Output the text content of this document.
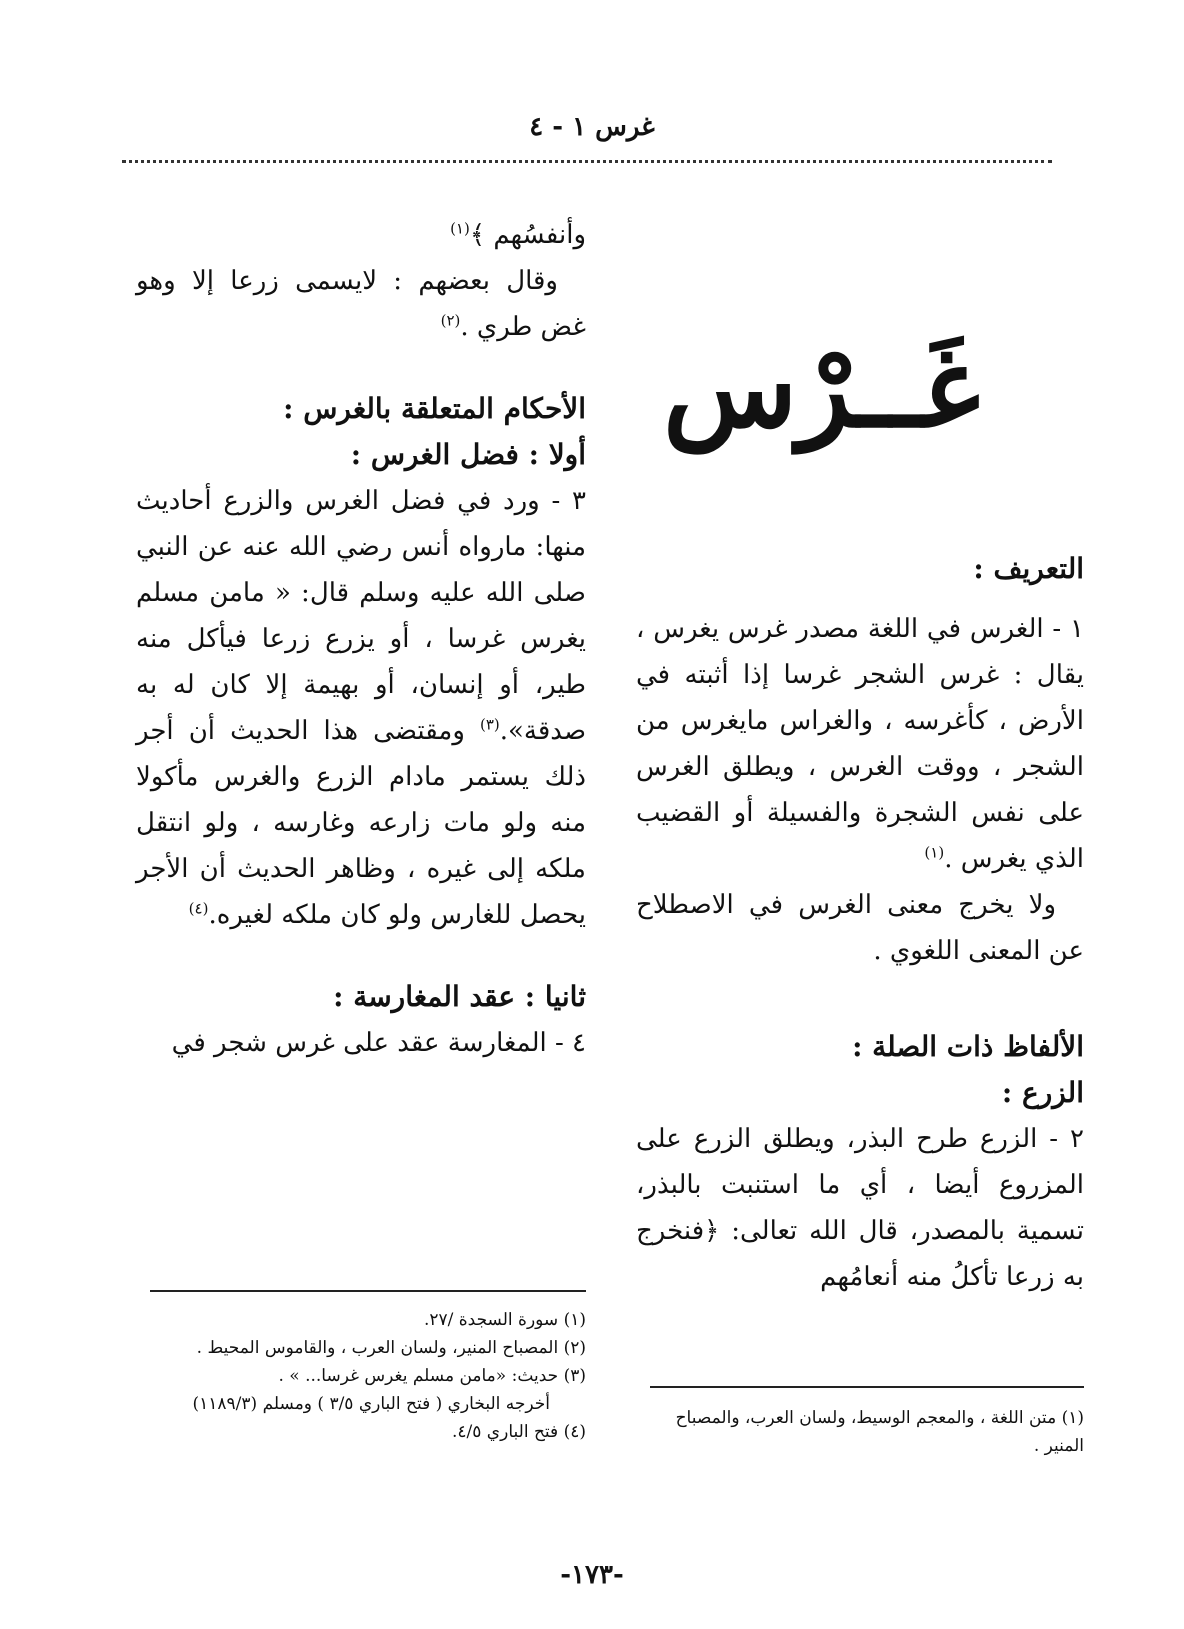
غرس ١ - ٤
غَــرْس

التعريف :

١ - الغرس في اللغة مصدر غرس يغرس ، يقال : غرس الشجر غرسا إذا أثبته في الأرض ، كأغرسه ، والغراس مايغرس من الشجر ، ووقت الغرس ، ويطلق الغرس على نفس الشجرة والفسيلة أو القضيب الذي يغرس .$^{(١)}$

ولا يخرج معنى الغرس في الاصطلاح عن المعنى اللغوي .

الألفاظ ذات الصلة :

الزرع :

٢ - الزرع طرح البذر، ويطلق الزرع على المزروع أيضا ، أي ما استنبت بالبذر، تسمية بالمصدر، قال الله تعالى: ﴿فنخرج به زرعا تأكلُ منه أنعامُهم

وأنفسُهم ﴾$^{(١)}$

وقال بعضهم : لايسمى زرعا إلا وهو غض طري .$^{(٢)}$

الأحكام المتعلقة بالغرس :

أولا : فضل الغرس :

٣ - ورد في فضل الغرس والزرع أحاديث منها: مارواه أنس رضي الله عنه عن النبي صلى الله عليه وسلم قال: « مامن مسلم يغرس غرسا ، أو يزرع زرعا فيأكل منه طير، أو إنسان، أو بهيمة إلا كان له به صدقة».$^{(٣)}$ ومقتضى هذا الحديث أن أجر ذلك يستمر مادام الزرع والغرس مأكولا منه ولو مات زارعه وغارسه ، ولو انتقل ملكه إلى غيره ، وظاهر الحديث أن الأجر يحصل للغارس ولو كان ملكه لغيره.$^{(٤)}$

ثانيا : عقد المغارسة :

٤ - المغارسة عقد على غرس شجر في

(١) سورة السجدة /٢٧.

(٢) المصباح المنير، ولسان العرب ، والقاموس المحيط .

(٣) حديث: «مامن مسلم يغرس غرسا... » .

أخرجه البخاري ( فتح الباري ٣/٥ ) ومسلم (١١٨٩/٣)

(٤) فتح الباري ٤/٥.

(١) متن اللغة ، والمعجم الوسيط، ولسان العرب، والمصباح المنير .

-١٧٣-
